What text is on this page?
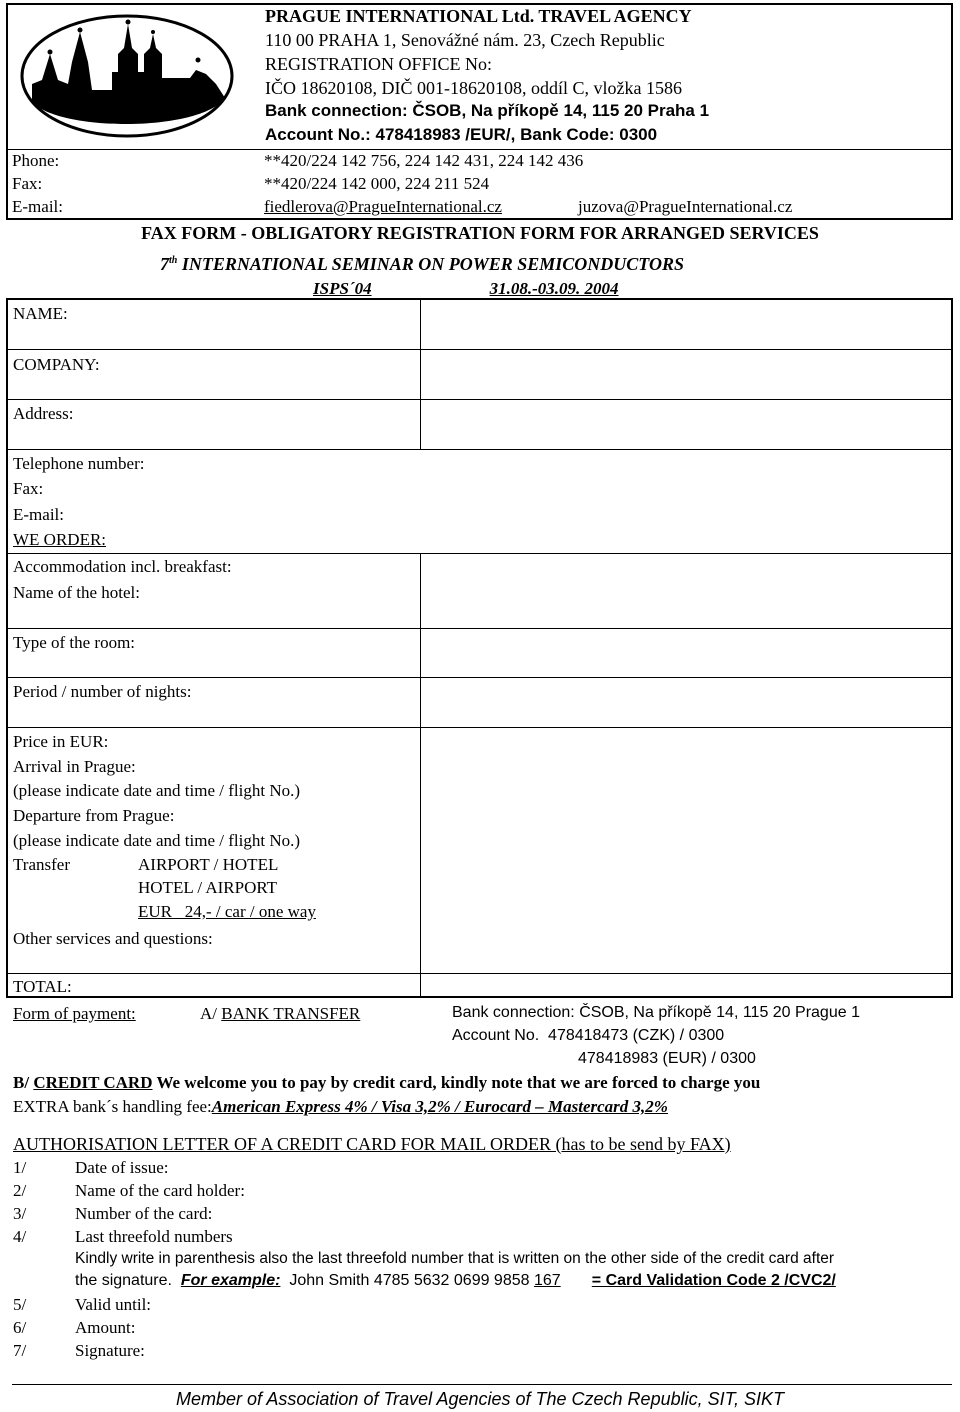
PRAGUE INTERNATIONAL Ltd. TRAVEL AGENCY
110 00 PRAHA 1, Senovážné nám. 23, Czech Republic
REGISTRATION OFFICE No:
IČO 18620108, DIČ 001-18620108, oddíl C, vložka 1586
Bank connection: ČSOB, Na příkopě 14, 115 20 Praha 1
Account No.: 478418983 /EUR/, Bank Code: 0300
Phone:	**420/224 142 756, 224 142 431, 224 142 436
Fax:	**420/224 142 000, 224 211 524
E-mail:	fiedlerova@PragueInternational.cz	juzova@PragueInternational.cz
FAX FORM - OBLIGATORY REGISTRATION FORM FOR ARRANGED SERVICES
7th INTERNATIONAL SEMINAR ON POWER SEMICONDUCTORS
ISPS´04	31.08.-03.09. 2004
NAME:
COMPANY:
Address:
Telephone number:
Fax:
E-mail:
WE ORDER:
Accommodation incl. breakfast:
Name of the hotel:
Type of the room:
Period / number of nights:
Price in EUR:
Arrival in Prague:
(please indicate date and time / flight No.)
Departure from Prague:
(please indicate date and time / flight No.)
Transfer	AIRPORT / HOTEL
HOTEL / AIRPORT
EUR   24,- / car / one way
Other services and questions:
TOTAL:
Form of payment:	A/ BANK TRANSFER	Bank connection: ČSOB, Na příkopě 14, 115 20 Prague 1
Account No.  478418473 (CZK) / 0300
478418983 (EUR) / 0300
B/ CREDIT CARD We welcome you to pay by credit card, kindly note that we are forced to charge you
EXTRA bank´s handling fee:American Express 4% / Visa 3,2% / Eurocard – Mastercard 3,2%
AUTHORISATION LETTER OF A CREDIT CARD FOR MAIL ORDER (has to be send by FAX)
1/	Date of issue:
2/	Name of the card holder:
3/	Number of the card:
4/	Last threefold numbers
Kindly write in parenthesis also the last threefold number that is written on the other side of the credit card after
the signature.  For example:  John Smith 4785 5632 0699 9858 167 = Card Validation Code 2 /CVC2/
5/	Valid until:
6/	Amount:
7/	Signature:
Member of Association of Travel Agencies of The Czech Republic, SIT, SIKT
